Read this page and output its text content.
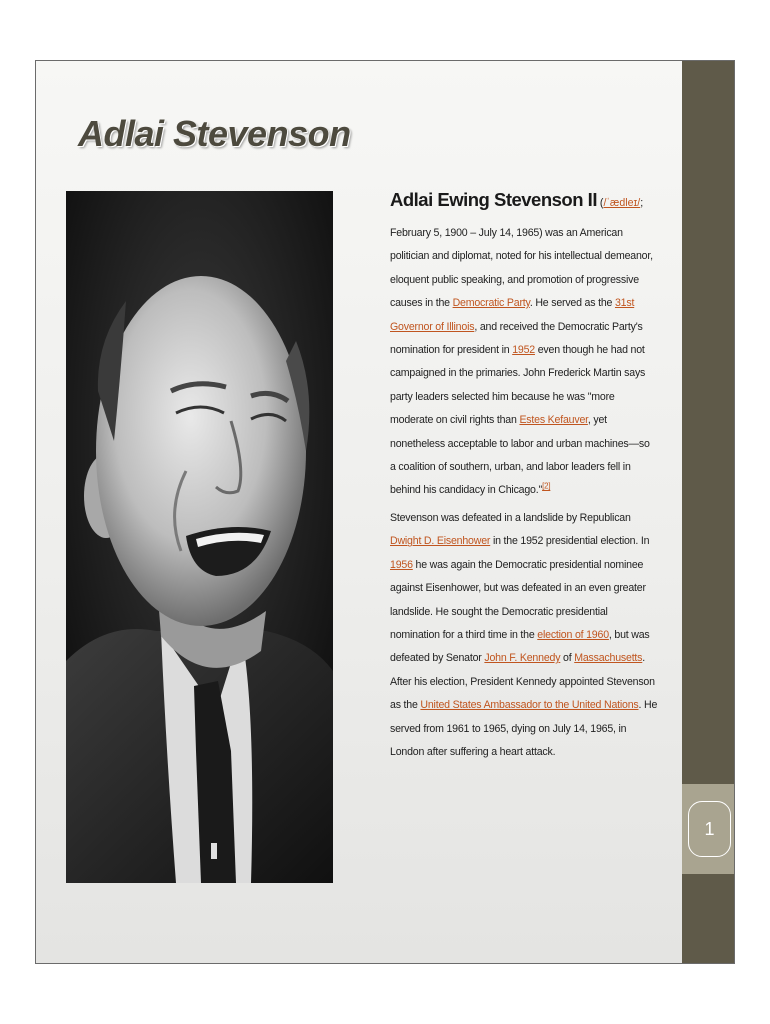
1
Adlai Stevenson
Adlai Ewing Stevenson II (/ˈædleɪ/;

February 5, 1900 – July 14, 1965) was an American politician and diplomat, noted for his intellectual demeanor, eloquent public speaking, and promotion of progressive causes in the Democratic Party. He served as the 31st Governor of Illinois, and received the Democratic Party's nomination for president in 1952 even though he had not campaigned in the primaries. John Frederick Martin says party leaders selected him because he was "more moderate on civil rights than Estes Kefauver, yet nonetheless acceptable to labor and urban machines—so a coalition of southern, urban, and labor leaders fell in behind his candidacy in Chicago."[2]

Stevenson was defeated in a landslide by Republican Dwight D. Eisenhower in the 1952 presidential election. In 1956 he was again the Democratic presidential nominee against Eisenhower, but was defeated in an even greater landslide. He sought the Democratic presidential nomination for a third time in the election of 1960, but was defeated by Senator John F. Kennedy of Massachusetts. After his election, President Kennedy appointed Stevenson as the United States Ambassador to the United Nations. He served from 1961 to 1965, dying on July 14, 1965, in London after suffering a heart attack.
